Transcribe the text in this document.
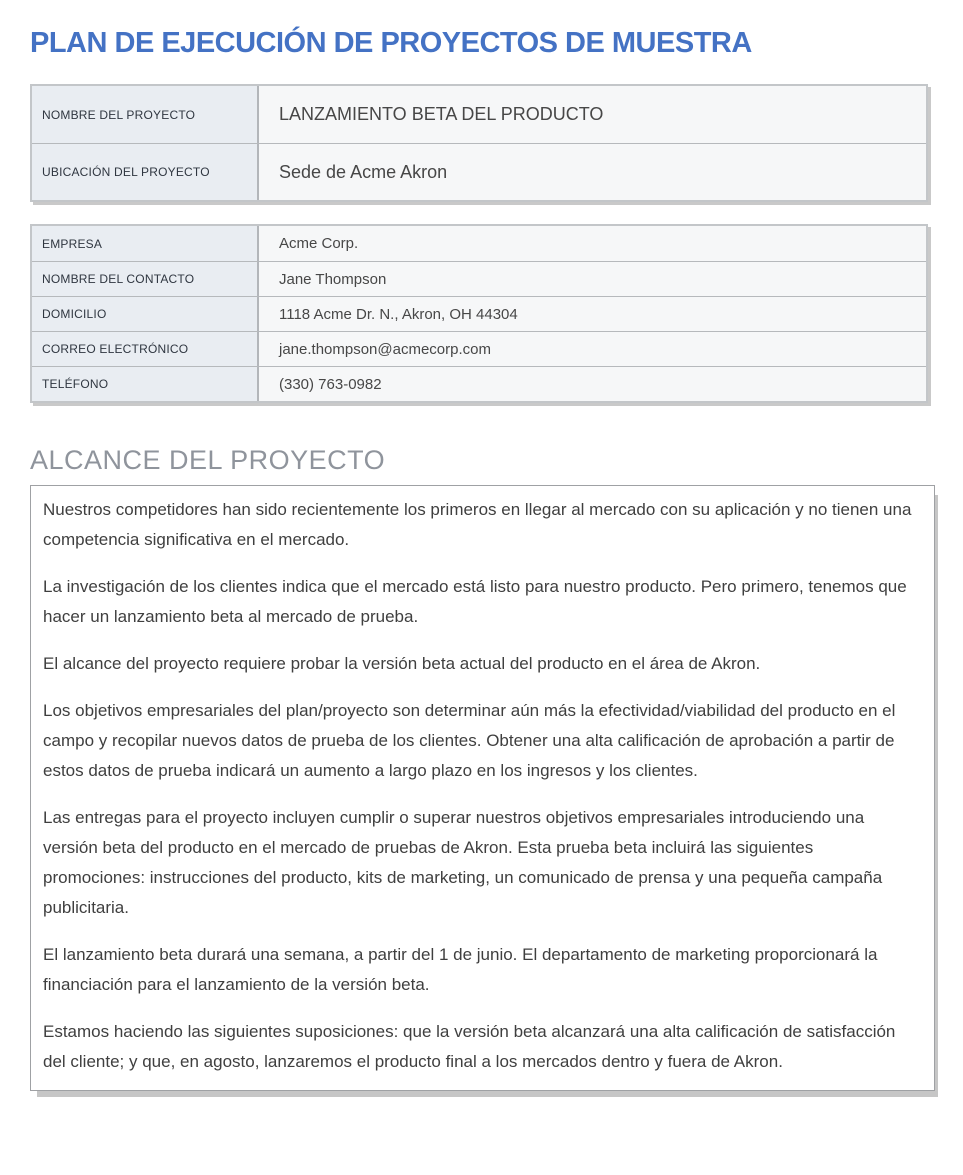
PLAN DE EJECUCIÓN DE PROYECTOS DE MUESTRA
NOMBRE DEL PROYECTO	LANZAMIENTO BETA DEL PRODUCTO
UBICACIÓN DEL PROYECTO	Sede de Acme Akron
EMPRESA	Acme Corp.
NOMBRE DEL CONTACTO	Jane Thompson
DOMICILIO	1118 Acme Dr. N., Akron, OH 44304
CORREO ELECTRÓNICO	jane.thompson@acmecorp.com
TELÉFONO	(330) 763-0982
ALCANCE DEL PROYECTO

Nuestros competidores han sido recientemente los primeros en llegar al mercado con su aplicación y no tienen una competencia significativa en el mercado.

La investigación de los clientes indica que el mercado está listo para nuestro producto. Pero primero, tenemos que hacer un lanzamiento beta al mercado de prueba.

El alcance del proyecto requiere probar la versión beta actual del producto en el área de Akron.

Los objetivos empresariales del plan/proyecto son determinar aún más la efectividad/viabilidad del producto en el campo y recopilar nuevos datos de prueba de los clientes. Obtener una alta calificación de aprobación a partir de estos datos de prueba indicará un aumento a largo plazo en los ingresos y los clientes.

Las entregas para el proyecto incluyen cumplir o superar nuestros objetivos empresariales introduciendo una versión beta del producto en el mercado de pruebas de Akron. Esta prueba beta incluirá las siguientes promociones: instrucciones del producto, kits de marketing, un comunicado de prensa y una pequeña campaña publicitaria.

El lanzamiento beta durará una semana, a partir del 1 de junio. El departamento de marketing proporcionará la financiación para el lanzamiento de la versión beta.

Estamos haciendo las siguientes suposiciones: que la versión beta alcanzará una alta calificación de satisfacción del cliente; y que, en agosto, lanzaremos el producto final a los mercados dentro y fuera de Akron.
